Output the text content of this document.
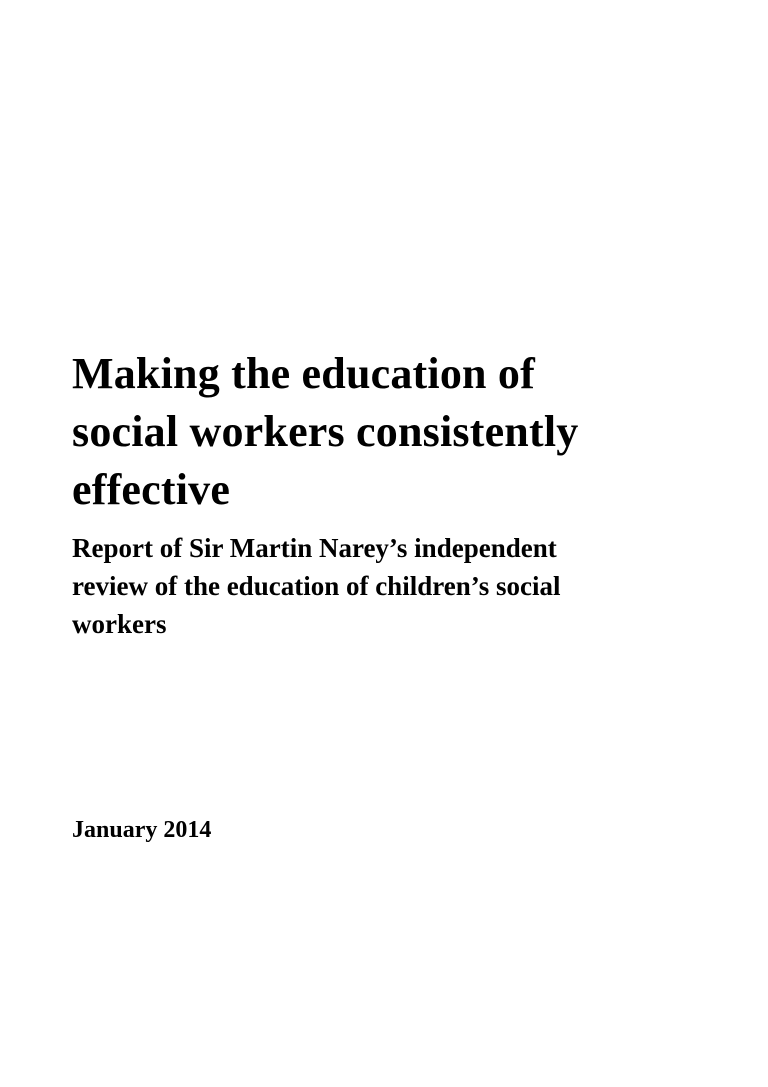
Making the education of
social workers consistently
effective
Report of Sir Martin Narey’s independent
review of the education of children’s social
workers
January 2014
